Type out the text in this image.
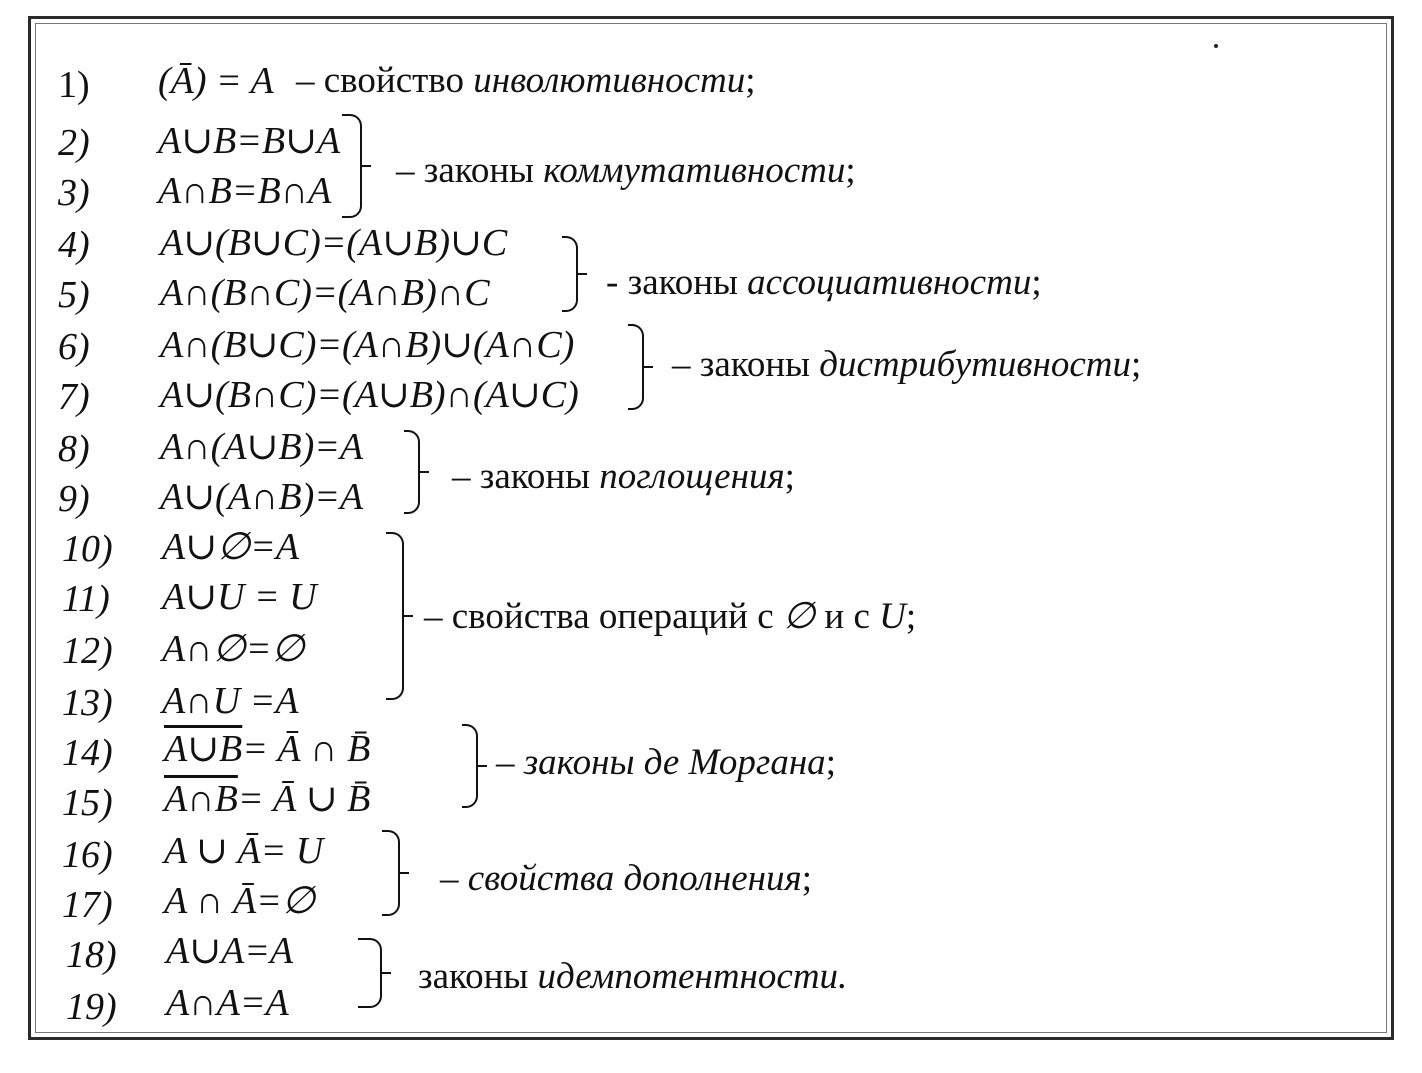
1) (Ā) = A – свойство инволютивности;
2) A∪B=B∪A
3) A∩B=B∩A – законы коммутативности;
4) A∪(B∪C)=(A∪B)∪C
5) A∩(B∩C)=(A∩B)∩C	- законы ассоциативности;
6) A∩(B∪C)=(A∩B)∪(A∩C)
7) A∪(B∩C)=(A∪B)∩(A∪C)
– законы дистрибутивности;
8) A∩(A∪B)=A
9) A∪(A∩B)=A – законы поглощения;
10) A∪∅=A
11) A∪U = U
12) A∩∅=∅
13) A∩U =A
– свойства операций с ∅ и с U;
14) A∪B= Ā ∩ B̄
15) A∩B= Ā ∪ B̄
– законы де Моргана;
16) A ∪ Ā= U
17) A ∩ Ā=∅
– свойства дополнения;
18) A∪A=A
19) A∩A=A
законы идемпотентности.
